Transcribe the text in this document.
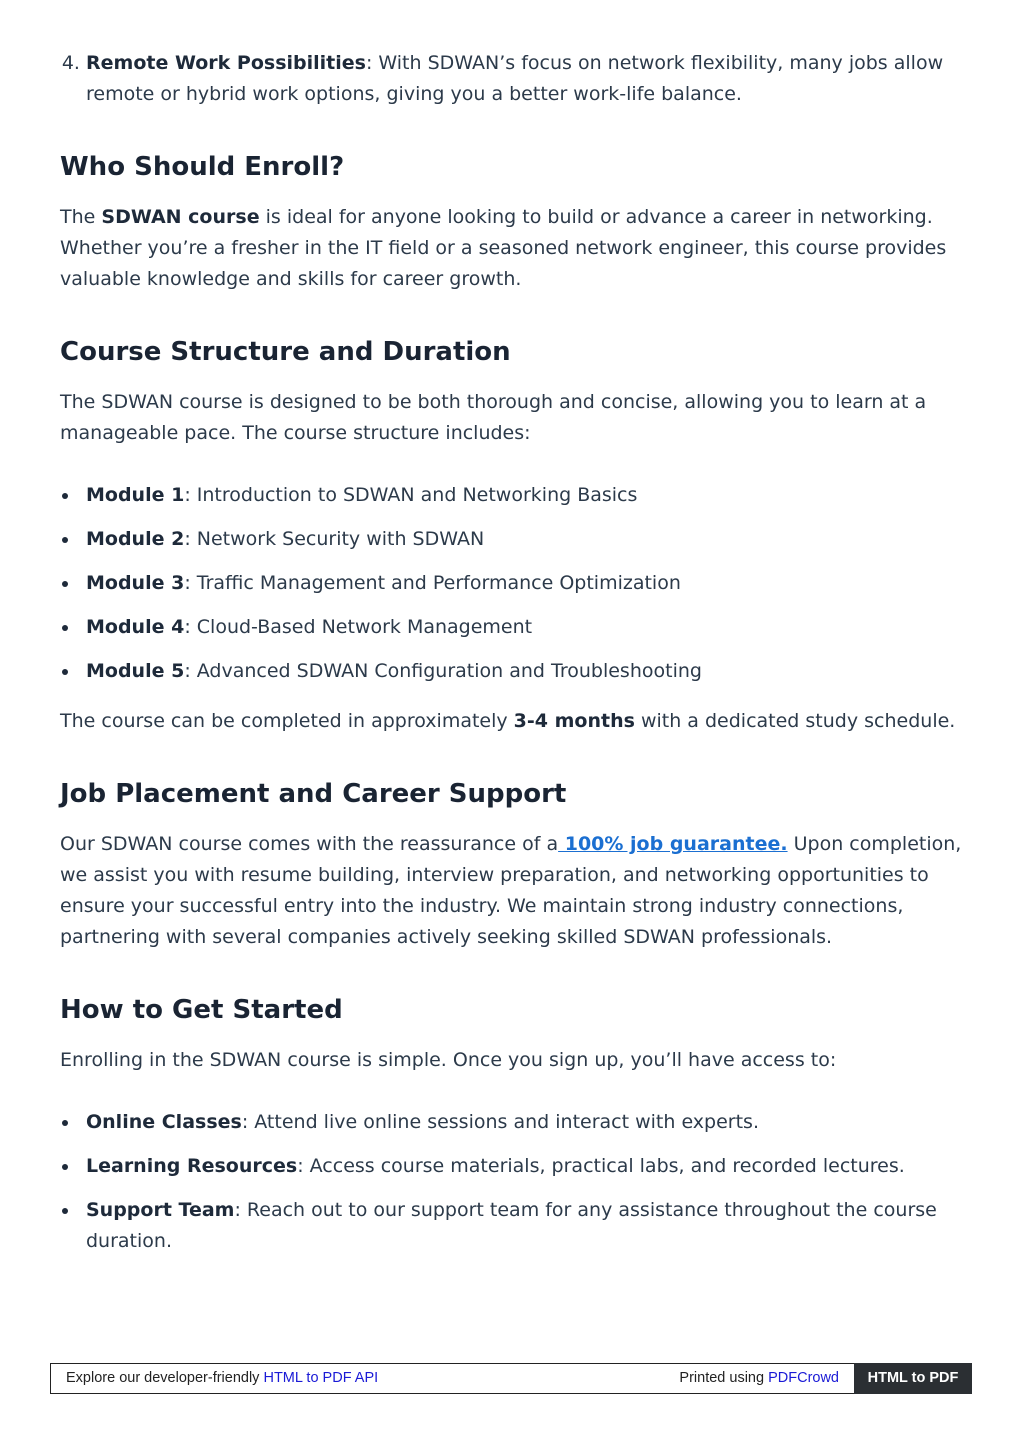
4. Remote Work Possibilities: With SDWAN’s focus on network flexibility, many jobs allow remote or hybrid work options, giving you a better work-life balance.
Who Should Enroll?

The SDWAN course is ideal for anyone looking to build or advance a career in networking. Whether you’re a fresher in the IT field or a seasoned network engineer, this course provides valuable knowledge and skills for career growth.

Course Structure and Duration

The SDWAN course is designed to be both thorough and concise, allowing you to learn at a manageable pace. The course structure includes:

Module 1: Introduction to SDWAN and Networking Basics
Module 2: Network Security with SDWAN
Module 3: Traffic Management and Performance Optimization
Module 4: Cloud-Based Network Management
Module 5: Advanced SDWAN Configuration and Troubleshooting

The course can be completed in approximately 3-4 months with a dedicated study schedule.

Job Placement and Career Support

Our SDWAN course comes with the reassurance of a 100% job guarantee. Upon completion, we assist you with resume building, interview preparation, and networking opportunities to ensure your successful entry into the industry. We maintain strong industry connections, partnering with several companies actively seeking skilled SDWAN professionals.

How to Get Started

Enrolling in the SDWAN course is simple. Once you sign up, you’ll have access to:

Online Classes: Attend live online sessions and interact with experts.
Learning Resources: Access course materials, practical labs, and recorded lectures.
Support Team: Reach out to our support team for any assistance throughout the course duration.
Explore our developer-friendly HTML to PDF API	Printed using PDFCrowd	HTML to PDF
